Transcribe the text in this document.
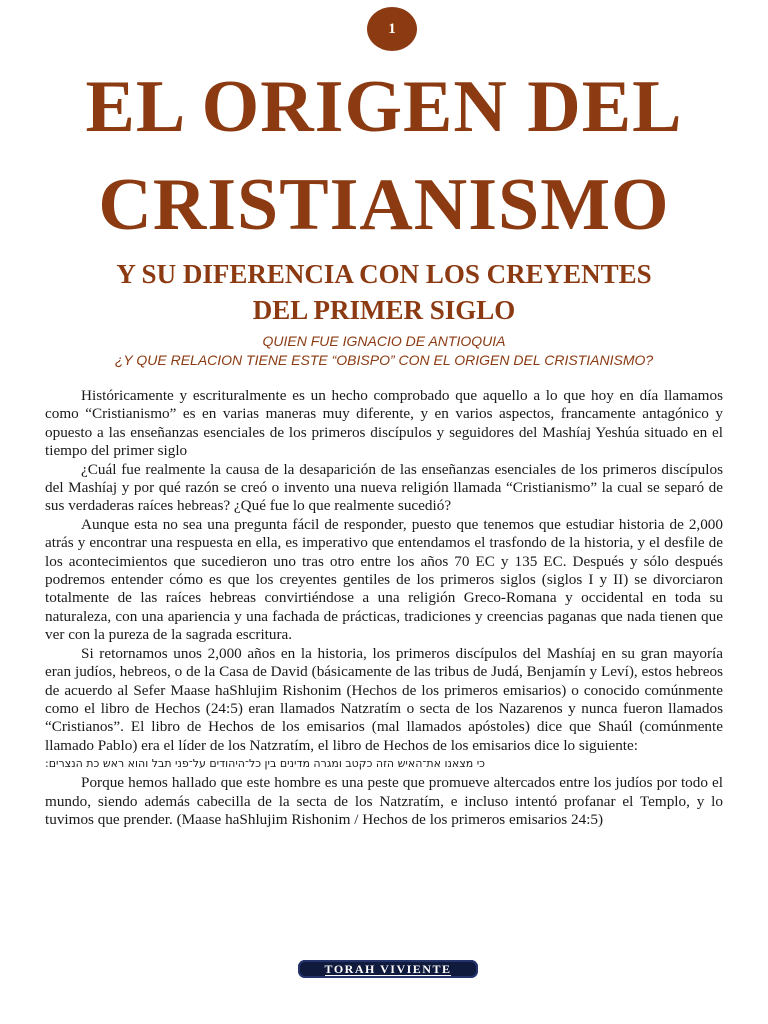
1
EL ORIGEN DEL
CRISTIANISMO
Y SU DIFERENCIA CON LOS CREYENTES
DEL PRIMER SIGLO
QUIEN FUE IGNACIO DE ANTIOQUIA
¿Y QUE RELACION TIENE ESTE “OBISPO” CON EL ORIGEN DEL CRISTIANISMO?

Históricamente y escrituralmente es un hecho comprobado que aquello a lo que hoy en día llamamos como “Cristianismo” es en varias maneras muy diferente, y en varios aspectos, francamente antagónico y opuesto a las enseñanzas esenciales de los primeros discípulos y seguidores del Mashíaj Yeshúa situado en el tiempo del primer siglo

¿Cuál fue realmente la causa de la desaparición de las enseñanzas esenciales de los primeros discípulos del Mashíaj y por qué razón se creó o invento una nueva religión llamada “Cristianismo” la cual se separó de sus verdaderas raíces hebreas? ¿Qué fue lo que realmente sucedió?

Aunque esta no sea una pregunta fácil de responder, puesto que tenemos que estudiar historia de 2,000 atrás y encontrar una respuesta en ella, es imperativo que entendamos el trasfondo de la historia, y el desfile de los acontecimientos que sucedieron uno tras otro entre los años 70 EC y 135 EC. Después y sólo después podremos entender cómo es que los creyentes gentiles de los primeros siglos (siglos I y II) se divorciaron totalmente de las raíces hebreas convirtiéndose a una religión Greco-Romana y occidental en toda su naturaleza, con una apariencia y una fachada de prácticas, tradiciones y creencias paganas que nada tienen que ver con la pureza de la sagrada escritura.

Si retornamos unos 2,000 años en la historia, los primeros discípulos del Mashíaj en su gran mayoría eran judíos, hebreos, o de la Casa de David (básicamente de las tribus de Judá, Benjamín y Leví), estos hebreos de acuerdo al Sefer Maase haShlujim Rishonim (Hechos de los primeros emisarios) o conocido comúnmente como el libro de Hechos (24:5) eran llamados Natzratím o secta de los Nazarenos y nunca fueron llamados “Cristianos”. El libro de Hechos de los emisarios (mal llamados apóstoles) dice que Shaúl (comúnmente llamado Pablo) era el líder de los Natzratím, el libro de Hechos de los emisarios dice lo siguiente:

כי מצאנו את־האיש הזה כקטב ומגרה מדינים בין כל־היהודים על־פני תבל והוא ראש כת הנצרים:

Porque hemos hallado que este hombre es una peste que promueve altercados entre los judíos por todo el mundo, siendo además cabecilla de la secta de los Natzratím, e incluso intentó profanar el Templo, y lo tuvimos que prender. (Maase haShlujim Rishonim / Hechos de los primeros emisarios 24:5)

TORAH VIVIENTE
